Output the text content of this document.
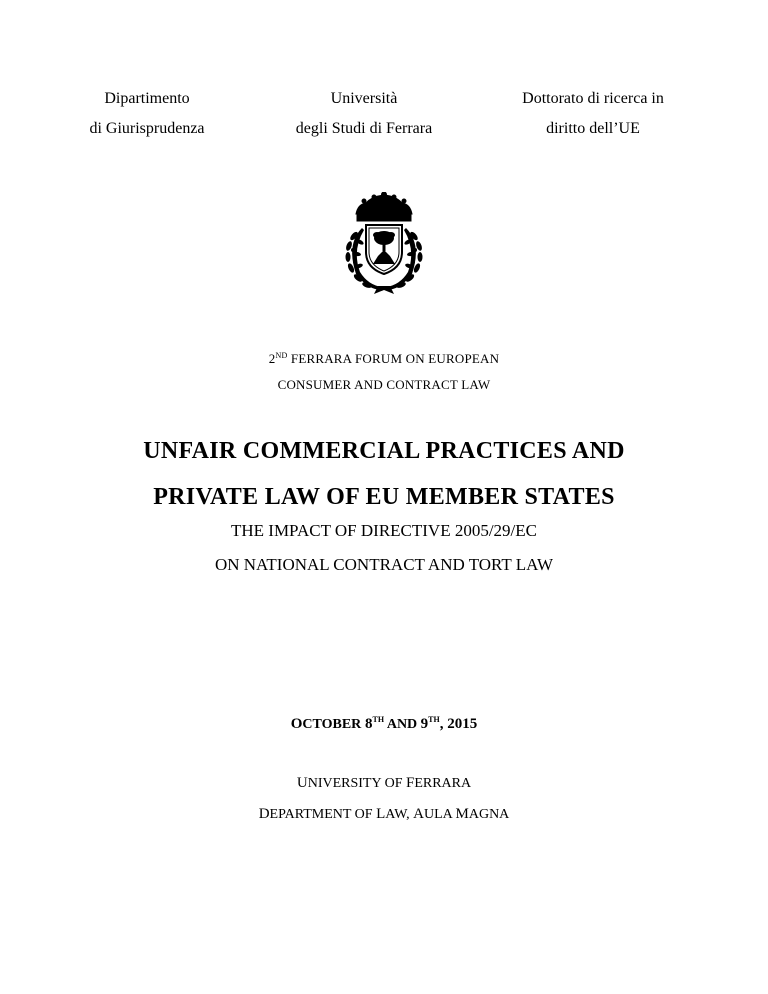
Dipartimento
di Giurisprudenza
Università
degli Studi di Ferrara
Dottorato di ricerca in
diritto dell’UE
2ND FERRARA FORUM ON EUROPEAN
CONSUMER AND CONTRACT LAW
UNFAIR COMMERCIAL PRACTICES AND
PRIVATE LAW OF EU MEMBER STATES
THE IMPACT OF DIRECTIVE 2005/29/EC
ON NATIONAL CONTRACT AND TORT LAW
OCTOBER 8TH AND 9TH, 2015
UNIVERSITY OF FERRARA
DEPARTMENT OF LAW, AULA MAGNA
